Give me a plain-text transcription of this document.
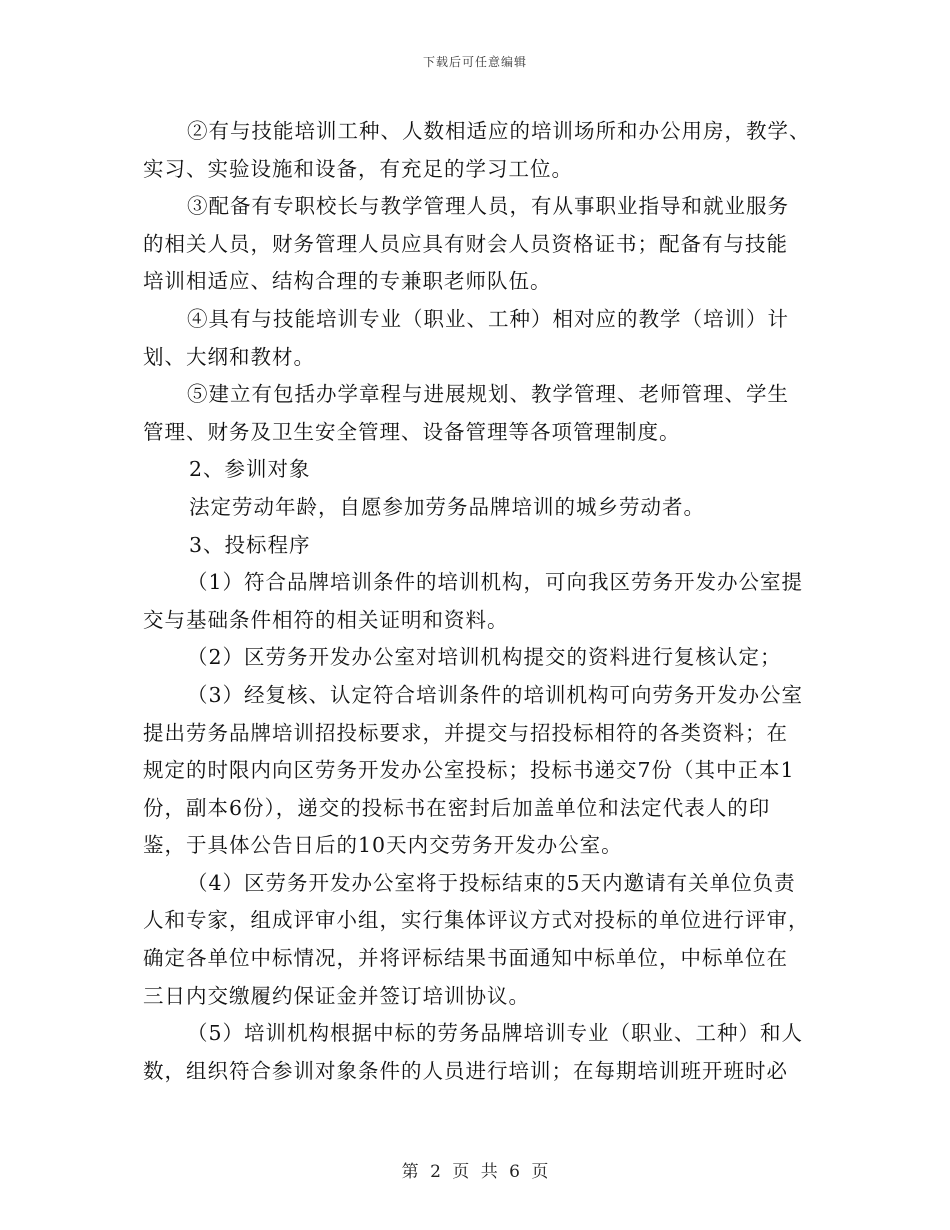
下载后可任意编辑
②有与技能培训工种、人数相适应的培训场所和办公用房，教学、
实习、实验设施和设备，有充足的学习工位。
③配备有专职校长与教学管理人员，有从事职业指导和就业服务
的相关人员，财务管理人员应具有财会人员资格证书；配备有与技能
培训相适应、结构合理的专兼职老师队伍。
④具有与技能培训专业（职业、工种）相对应的教学（培训）计
划、大纲和教材。
⑤建立有包括办学章程与进展规划、教学管理、老师管理、学生
管理、财务及卫生安全管理、设备管理等各项管理制度。
2、参训对象
法定劳动年龄，自愿参加劳务品牌培训的城乡劳动者。
3、投标程序
（1）符合品牌培训条件的培训机构，可向我区劳务开发办公室提
交与基础条件相符的相关证明和资料。
（2）区劳务开发办公室对培训机构提交的资料进行复核认定；
（3）经复核、认定符合培训条件的培训机构可向劳务开发办公室
提出劳务品牌培训招投标要求，并提交与招投标相符的各类资料；在
规定的时限内向区劳务开发办公室投标；投标书递交7份（其中正本1
份，副本6份），递交的投标书在密封后加盖单位和法定代表人的印
鉴，于具体公告日后的10天内交劳务开发办公室。
（4）区劳务开发办公室将于投标结束的5天内邀请有关单位负责
人和专家，组成评审小组，实行集体评议方式对投标的单位进行评审，
确定各单位中标情况，并将评标结果书面通知中标单位，中标单位在
三日内交缴履约保证金并签订培训协议。
（5）培训机构根据中标的劳务品牌培训专业（职业、工种）和人
数，组织符合参训对象条件的人员进行培训；在每期培训班开班时必
第 2 页 共 6 页
